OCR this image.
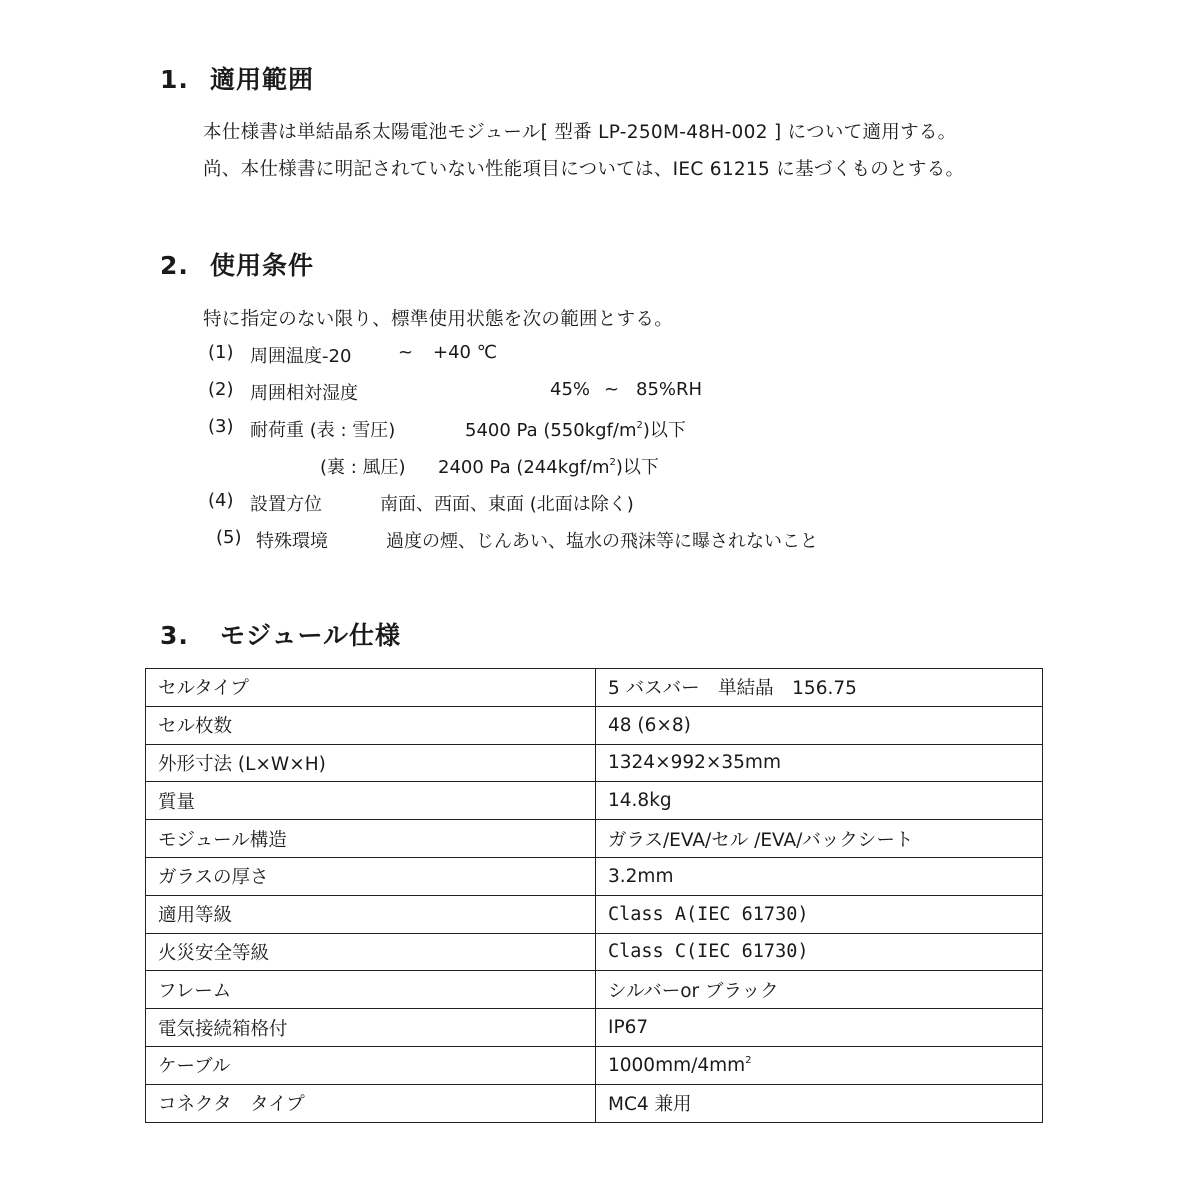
1. 適用範囲
本仕様書は単結晶系太陽電池モジュール[ 型番 LP-250M-48H-002 ] について適用する。
尚、本仕様書に明記されていない性能項目については、IEC 61215 に基づくものとする。
2. 使用条件
特に指定のない限り、標準使用状態を次の範囲とする。
(1) 周囲温度-20	~ +40 ℃
(2) 周囲相対湿度	45% ~ 85%RH
(3) 耐荷重 (表 : 雪圧)	5400 Pa $(550kgf/m^2)$以下
(裏 : 風圧) 2400 Pa $(244kgf/m^2)$以下
(4) 設置方位	南面、西面、東面 (北面は除く)
(5) 特殊環境	過度の煙、じんあい、塩水の飛沫等に曝されないこと
3. モジュール仕様
セルタイプ	5 バスバー　単結晶　156.75
セル枚数	48 (6×8)
外形寸法 (L×W×H)	1324×992×35mm
質量	14.8kg
モジュール構造	ガラス/EVA/セル /EVA/バックシート
ガラスの厚さ	3.2mm
適用等級	Class A(IEC 61730)
火災安全等級	Class C(IEC 61730)
フレーム	シルバーor ブラック
電気接続箱格付	IP67
ケーブル	$1000mm/4mm^2$
コネクタ　タイプ	MC4 兼用
